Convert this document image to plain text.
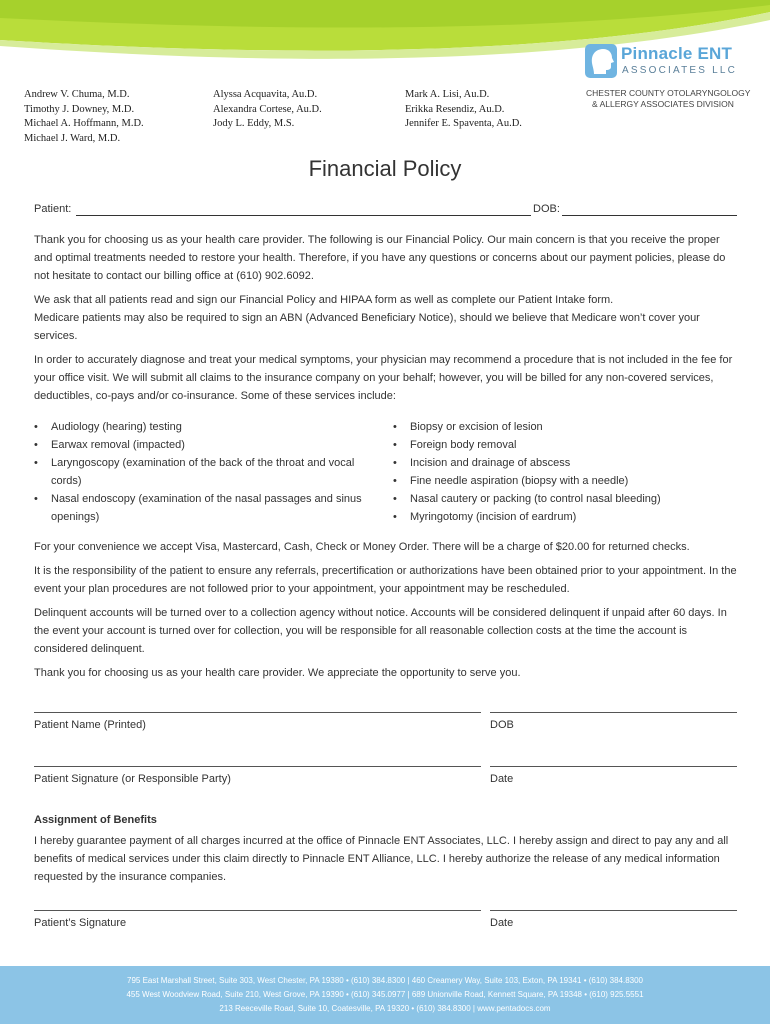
Pinnacle ENT
ASSOCIATES LLC
CHESTER COUNTY OTOLARYNGOLOGY
& ALLERGY ASSOCIATES DIVISION
Andrew V. Chuma, M.D.
Timothy J. Downey, M.D.
Michael A. Hoffmann, M.D.
Michael J. Ward, M.D.
Alyssa Acquavita, Au.D.
Alexandra Cortese, Au.D.
Jody L. Eddy, M.S.
Mark A. Lisi, Au.D.
Erikka Resendiz, Au.D.
Jennifer E. Spaventa, Au.D.
Financial Policy
Patient:	DOB:

Thank you for choosing us as your health care provider. The following is our Financial Policy. Our main concern is that you receive the proper and optimal treatments needed to restore your health. Therefore, if you have any questions or concerns about our payment policies, please do not hesitate to contact our billing office at (610) 902.6092.

We ask that all patients read and sign our Financial Policy and HIPAA form as well as complete our Patient Intake form.

Medicare patients may also be required to sign an ABN (Advanced Beneficiary Notice), should we believe that Medicare won’t cover your services.

In order to accurately diagnose and treat your medical symptoms, your physician may recommend a procedure that is not included in the fee for your office visit. We will submit all claims to the insurance company on your behalf; however, you will be billed for any non-covered services, deductibles, co-pays and/or co-insurance. Some of these services include:

• Audiology (hearing) testing
• Earwax removal (impacted)
• Laryngoscopy (examination of the back of the throat and vocal cords)
• Nasal endoscopy (examination of the nasal passages and sinus openings)
• Biopsy or excision of lesion
• Foreign body removal
• Incision and drainage of abscess
• Fine needle aspiration (biopsy with a needle)
• Nasal cautery or packing (to control nasal bleeding)
• Myringotomy (incision of eardrum)

For your convenience we accept Visa, Mastercard, Cash, Check or Money Order. There will be a charge of $20.00 for returned checks.

It is the responsibility of the patient to ensure any referrals, precertification or authorizations have been obtained prior to your appointment. In the event your plan procedures are not followed prior to your appointment, your appointment may be rescheduled.

Delinquent accounts will be turned over to a collection agency without notice. Accounts will be considered delinquent if unpaid after 60 days. In the event your account is turned over for collection, you will be responsible for all reasonable collection costs at the time the account is considered delinquent.

Thank you for choosing us as your health care provider. We appreciate the opportunity to serve you.

Patient Name (Printed)	DOB
Patient Signature (or Responsible Party)	Date
Assignment of Benefits

I hereby guarantee payment of all charges incurred at the office of Pinnacle ENT Associates, LLC. I hereby assign and direct to pay any and all benefits of medical services under this claim directly to Pinnacle ENT Alliance, LLC. I hereby authorize the release of any medical information requested by the insurance companies.

Patient’s Signature	Date
795 East Marshall Street, Suite 303, West Chester, PA 19380 • (610) 384.8300 | 460 Creamery Way, Suite 103, Exton, PA 19341 • (610) 384.8300
455 West Woodview Road, Suite 210, West Grove, PA 19390 • (610) 345.0977 | 689 Unionville Road, Kennett Square, PA 19348 • (610) 925.5551
213 Reeceville Road, Suite 10, Coatesville, PA 19320 • (610) 384.8300 | www.pentadocs.com
